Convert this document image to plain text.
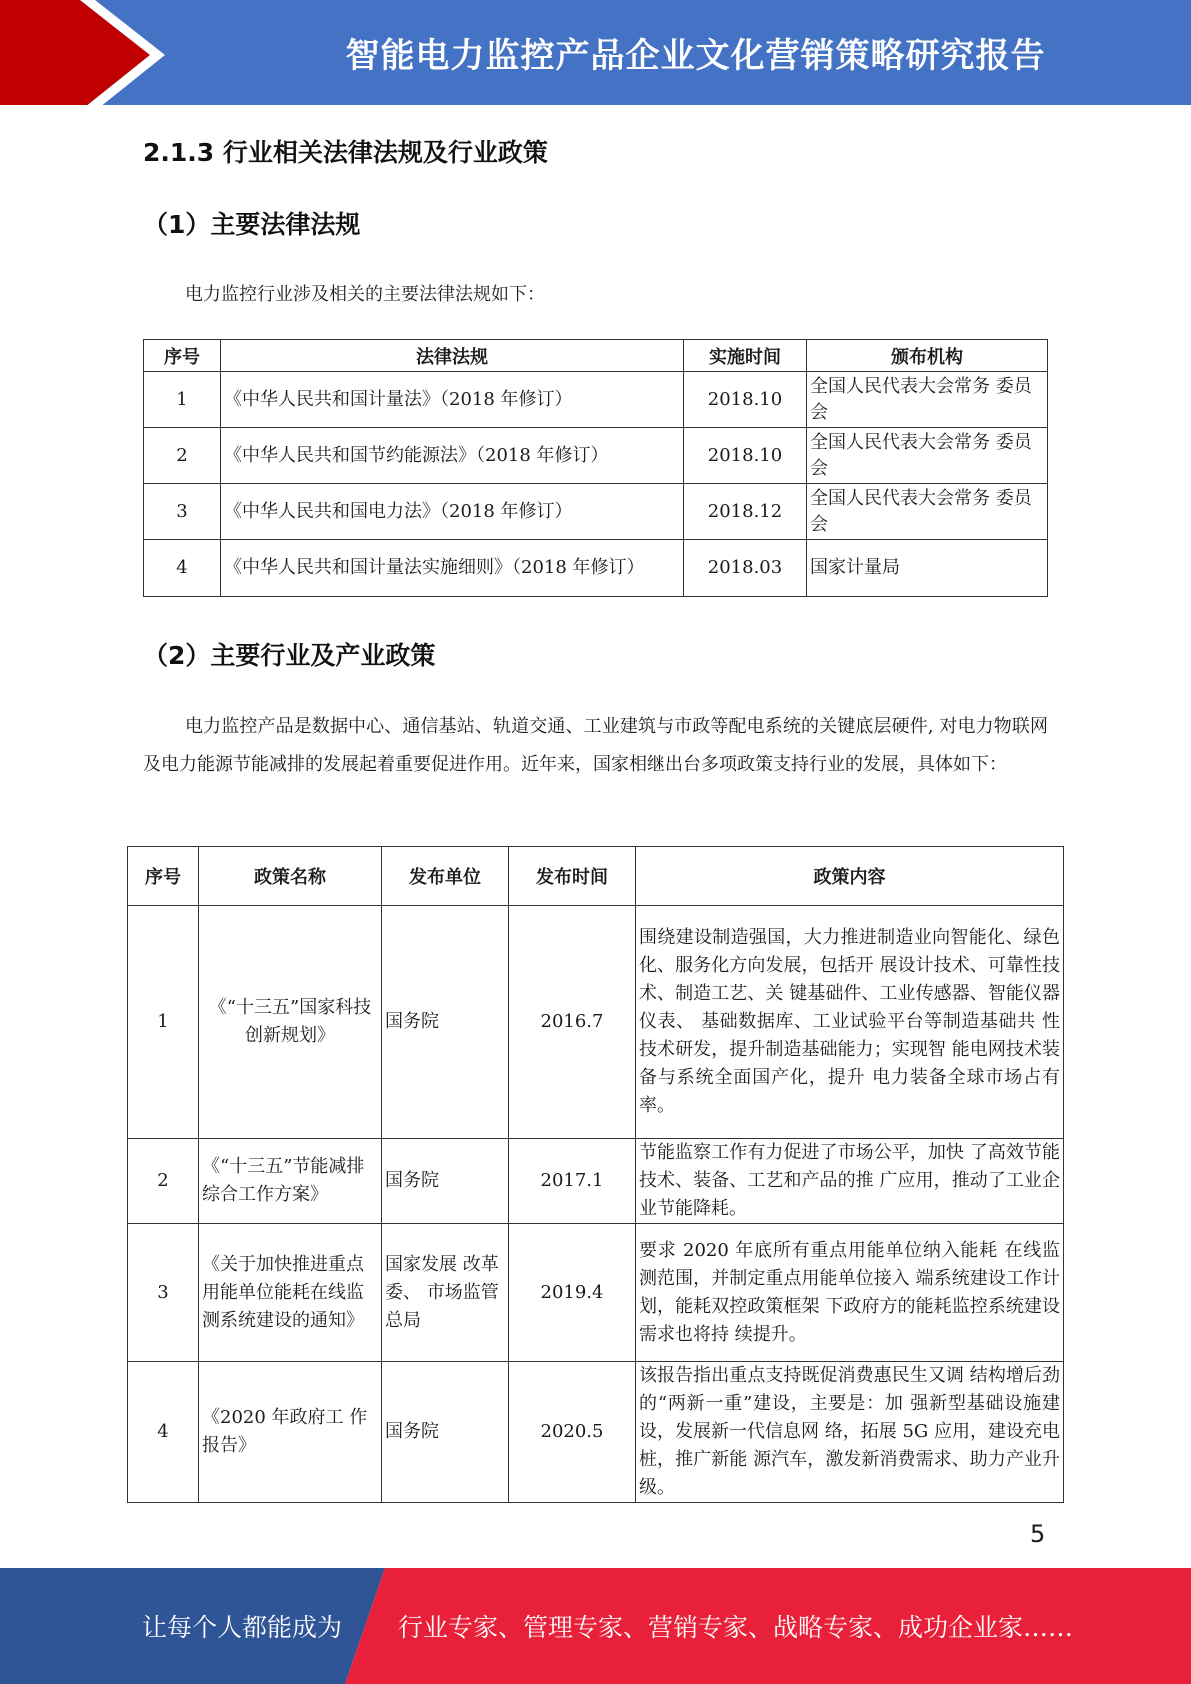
智能电力监控产品企业文化营销策略研究报告
2.1.3 行业相关法律法规及行业政策
（1）主要法律法规

电力监控行业涉及相关的主要法律法规如下：

序号	法律法规	实施时间	颁布机构
1	《中华人民共和国计量法》（2018 年修订）	2018.10	全国人民代表大会常务 委员会
2	《中华人民共和国节约能源法》（2018 年修订）	2018.10	全国人民代表大会常务 委员会
3	《中华人民共和国电力法》（2018 年修订）	2018.12	全国人民代表大会常务 委员会
4	《中华人民共和国计量法实施细则》（2018 年修订）	2018.03	国家计量局
（2）主要行业及产业政策

电力监控产品是数据中心、通信基站、轨道交通、工业建筑与市政等配电系统的关键底层硬件, 对电力物联网及电力能源节能减排的发展起着重要促进作用。近年来，国家相继出台多项政策支持行业的发展，具体如下：

序号	政策名称	发布单位	发布时间	政策内容
1	《“十三五”国家科技创新规划》	国务院	2016.7	围绕建设制造强国，大力推进制造业向智能化、绿色化、服务化方向发展，包括开 展设计技术、可靠性技术、制造工艺、关 键基础件、工业传感器、智能仪器仪表、 基础数据库、工业试验平台等制造基础共 性技术研发，提升制造基础能力；实现智 能电网技术装备与系统全面国产化，提升 电力装备全球市场占有率。
2	《“十三五”节能减排综合工作方案》	国务院	2017.1	节能监察工作有力促进了市场公平，加快 了高效节能技术、装备、工艺和产品的推 广应用，推动了工业企业节能降耗。
3	《关于加快推进重点用能单位能耗在线监测系统建设的通知》	国家发展 改革委、 市场监管 总局	2019.4	要求 2020 年底所有重点用能单位纳入能耗 在线监测范围，并制定重点用能单位接入 端系统建设工作计划，能耗双控政策框架 下政府方的能耗监控系统建设需求也将持 续提升。
4	《2020 年政府工 作报告》	国务院	2020.5	该报告指出重点支持既促消费惠民生又调 结构增后劲的“两新一重”建设，主要是：加 强新型基础设施建设，发展新一代信息网 络，拓展 5G 应用，建设充电桩，推广新能 源汽车，激发新消费需求、助力产业升级。
5
让每个人都能成为 行业专家、管理专家、营销专家、战略专家、成功企业家……
